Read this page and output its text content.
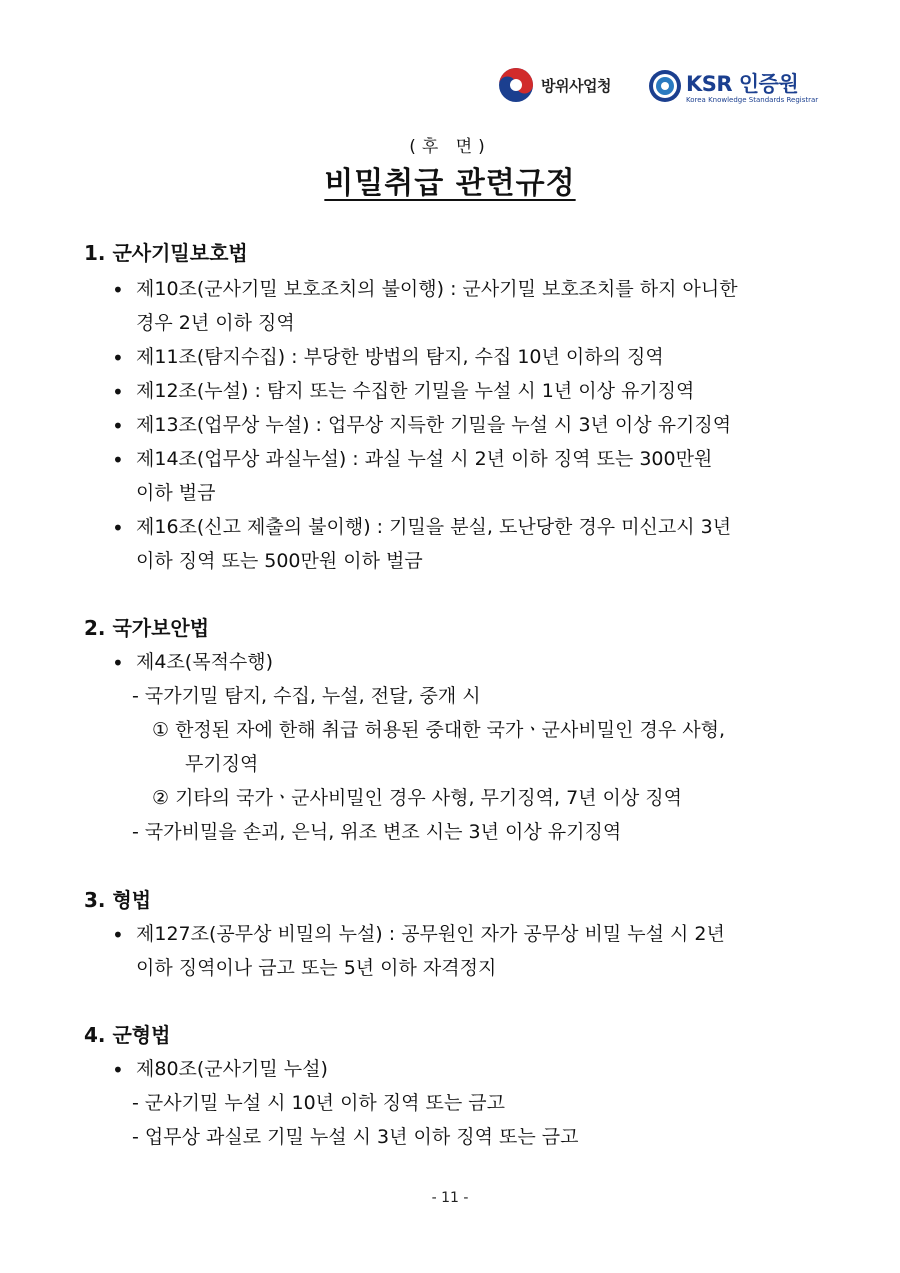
방위사업청	KSR 인증원
Korea Knowledge Standards Registrar
(후 면)
비밀취급 관련규정
1. 군사기밀보호법
• 제10조(군사기밀 보호조치의 불이행) : 군사기밀 보호조치를 하지 아니한
경우 2년 이하 징역
• 제11조(탐지수집) : 부당한 방법의 탐지, 수집 10년 이하의 징역
• 제12조(누설) : 탐지 또는 수집한 기밀을 누설 시 1년 이상 유기징역
• 제13조(업무상 누설) : 업무상 지득한 기밀을 누설 시 3년 이상 유기징역
• 제14조(업무상 과실누설) : 과실 누설 시 2년 이하 징역 또는 300만원
이하 벌금
• 제16조(신고 제출의 불이행) : 기밀을 분실, 도난당한 경우 미신고시 3년
이하 징역 또는 500만원 이하 벌금
2. 국가보안법
• 제4조(목적수행)
- 국가기밀 탐지, 수집, 누설, 전달, 중개 시
① 한정된 자에 한해 취급 허용된 중대한 국가ㆍ군사비밀인 경우 사형,
무기징역
② 기타의 국가ㆍ군사비밀인 경우 사형, 무기징역, 7년 이상 징역
- 국가비밀을 손괴, 은닉, 위조 변조 시는 3년 이상 유기징역
3. 형법
• 제127조(공무상 비밀의 누설) : 공무원인 자가 공무상 비밀 누설 시 2년
이하 징역이나 금고 또는 5년 이하 자격정지
4. 군형법
• 제80조(군사기밀 누설)
- 군사기밀 누설 시 10년 이하 징역 또는 금고
- 업무상 과실로 기밀 누설 시 3년 이하 징역 또는 금고
- 11 -
